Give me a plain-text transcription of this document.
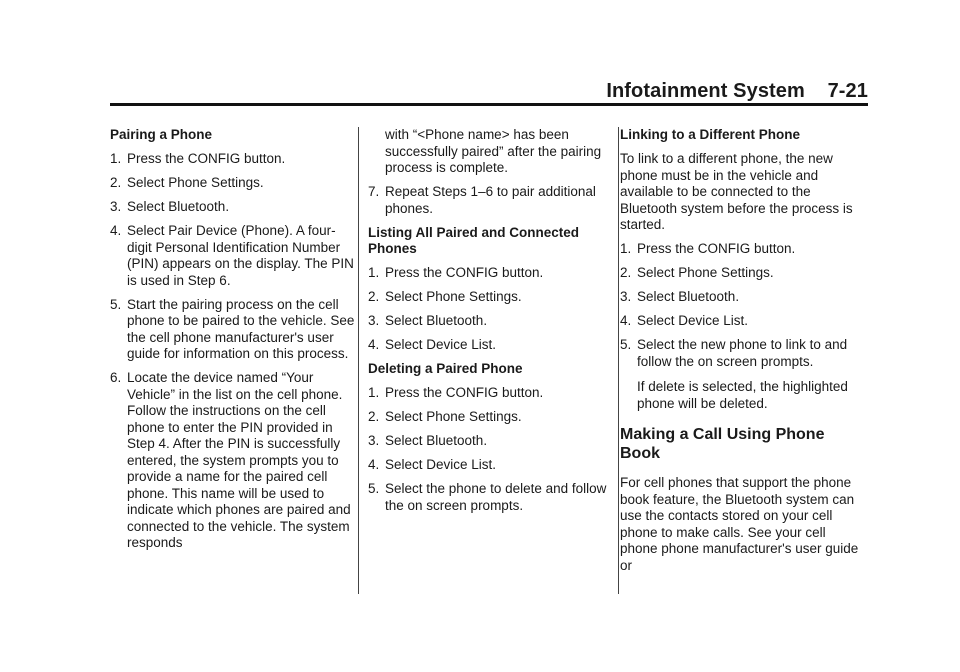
Infotainment System 7-21

Pairing a Phone

1. Press the CONFIG button.
2. Select Phone Settings.
3. Select Bluetooth.
4. Select Pair Device (Phone). A four-digit Personal Identification Number (PIN) appears on the display. The PIN is used in Step 6.
5. Start the pairing process on the cell phone to be paired to the vehicle. See the cell phone manufacturer's user guide for information on this process.
6. Locate the device named “Your Vehicle” in the list on the cell phone. Follow the instructions on the cell phone to enter the PIN provided in Step 4. After the PIN is successfully entered, the system prompts you to provide a name for the paired cell phone. This name will be used to indicate which phones are paired and connected to the vehicle. The system responds
with “<Phone name> has been successfully paired” after the pairing process is complete.
7. Repeat Steps 1–6 to pair additional phones.

Listing All Paired and Connected Phones

1. Press the CONFIG button.
2. Select Phone Settings.
3. Select Bluetooth.
4. Select Device List.

Deleting a Paired Phone

1. Press the CONFIG button.
2. Select Phone Settings.
3. Select Bluetooth.
4. Select Device List.
5. Select the phone to delete and follow the on screen prompts.

Linking to a Different Phone

To link to a different phone, the new phone must be in the vehicle and available to be connected to the Bluetooth system before the process is started.

1. Press the CONFIG button.
2. Select Phone Settings.
3. Select Bluetooth.
4. Select Device List.
5. Select the new phone to link to and follow the on screen prompts.
If delete is selected, the highlighted phone will be deleted.
Making a Call Using Phone Book

For cell phones that support the phone book feature, the Bluetooth system can use the contacts stored on your cell phone to make calls. See your cell phone phone manufacturer's user guide or
